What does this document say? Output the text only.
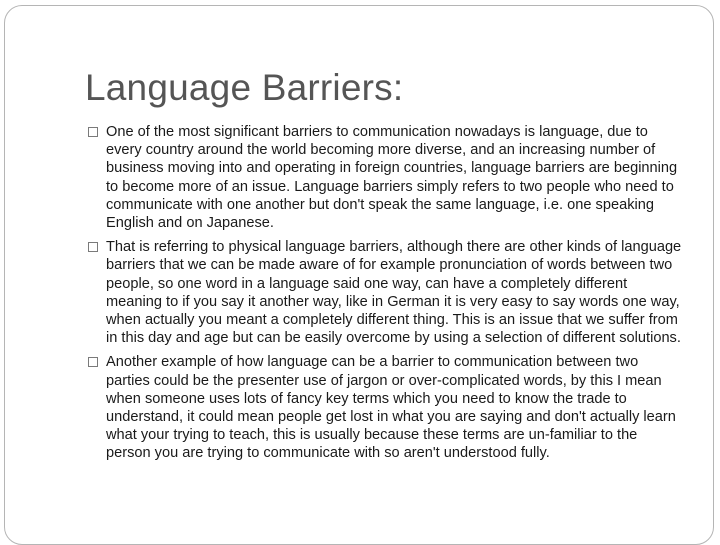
Language Barriers:
One of the most significant barriers to communication nowadays is language, due to every country around the world becoming more diverse, and an increasing number of business moving into and operating in foreign countries, language barriers are beginning to become more of an issue. Language barriers simply refers to two people who need to communicate with one another but don't speak the same language, i.e. one speaking English and on Japanese.
That is referring to physical language barriers, although there are other kinds of language barriers that we can be made aware of for example pronunciation of words between two people, so one word in a language said one way, can have a completely different meaning to if you say it another way, like in German it is very easy to say words one way, when actually you meant a completely different thing. This is an issue that we suffer from in this day and age but can be easily overcome by using a selection of different solutions.
Another example of how language can be a barrier to communication between two parties could be the presenter use of jargon or over-complicated words, by this I mean when someone uses lots of fancy key terms which you need to know the trade to understand, it could mean people get lost in what you are saying and don't actually learn what your trying to teach, this is usually because these terms are un-familiar to the person you are trying to communicate with so aren't understood fully.
